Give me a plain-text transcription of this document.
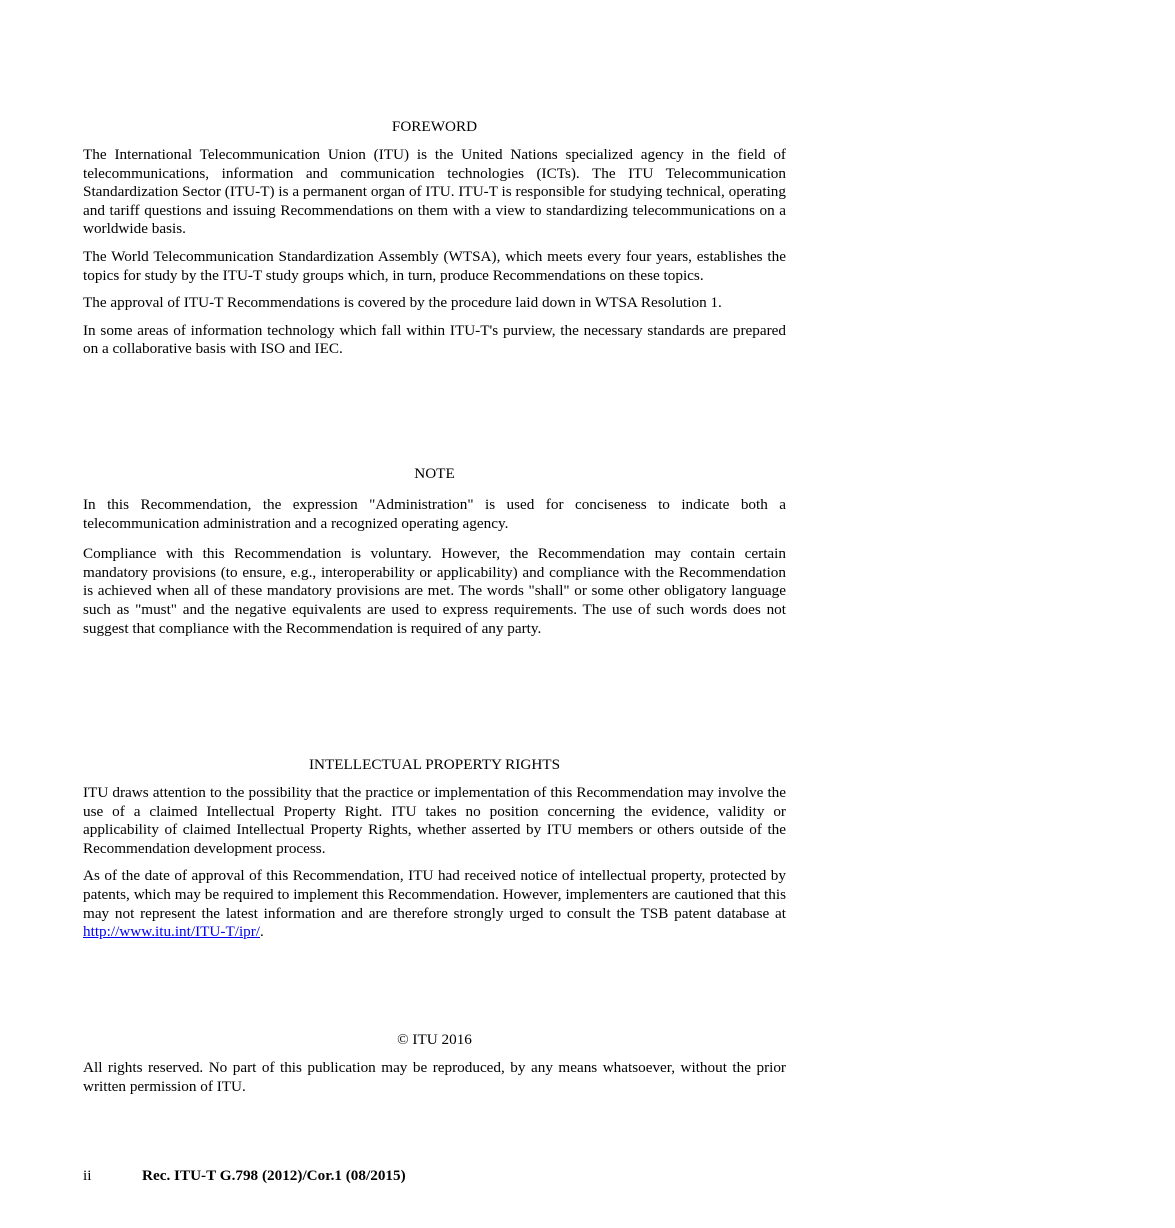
FOREWORD

The International Telecommunication Union (ITU) is the United Nations specialized agency in the field of telecommunications, information and communication technologies (ICTs). The ITU Telecommunication Standardization Sector (ITU-T) is a permanent organ of ITU. ITU-T is responsible for studying technical, operating and tariff questions and issuing Recommendations on them with a view to standardizing telecommunications on a worldwide basis.

The World Telecommunication Standardization Assembly (WTSA), which meets every four years, establishes the topics for study by the ITU-T study groups which, in turn, produce Recommendations on these topics.

The approval of ITU-T Recommendations is covered by the procedure laid down in WTSA Resolution 1.

In some areas of information technology which fall within ITU-T's purview, the necessary standards are prepared on a collaborative basis with ISO and IEC.

NOTE

In this Recommendation, the expression "Administration" is used for conciseness to indicate both a telecommunication administration and a recognized operating agency.

Compliance with this Recommendation is voluntary. However, the Recommendation may contain certain mandatory provisions (to ensure, e.g., interoperability or applicability) and compliance with the Recommendation is achieved when all of these mandatory provisions are met. The words "shall" or some other obligatory language such as "must" and the negative equivalents are used to express requirements. The use of such words does not suggest that compliance with the Recommendation is required of any party.

INTELLECTUAL PROPERTY RIGHTS

ITU draws attention to the possibility that the practice or implementation of this Recommendation may involve the use of a claimed Intellectual Property Right. ITU takes no position concerning the evidence, validity or applicability of claimed Intellectual Property Rights, whether asserted by ITU members or others outside of the Recommendation development process.

As of the date of approval of this Recommendation, ITU had received notice of intellectual property, protected by patents, which may be required to implement this Recommendation. However, implementers are cautioned that this may not represent the latest information and are therefore strongly urged to consult the TSB patent database at http://www.itu.int/ITU-T/ipr/.

© ITU 2016

All rights reserved. No part of this publication may be reproduced, by any means whatsoever, without the prior written permission of ITU.

ii	Rec. ITU-T G.798 (2012)/Cor.1 (08/2015)
